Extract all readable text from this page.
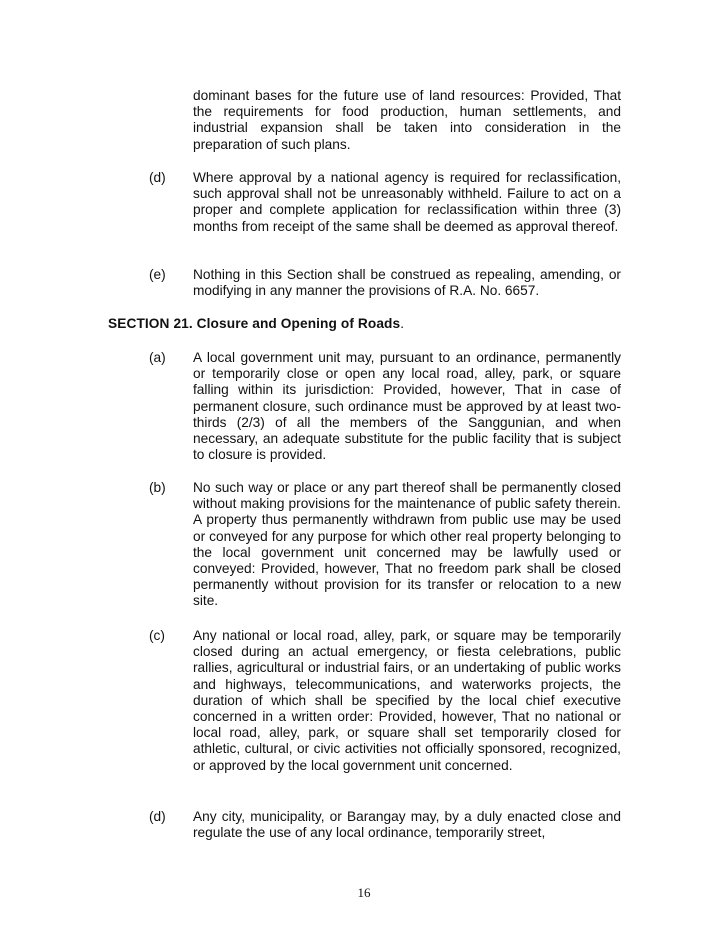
dominant bases for the future use of land resources: Provided, That the requirements for food production, human settlements, and industrial expansion shall be taken into consideration in the preparation of such plans.

(d) Where approval by a national agency is required for reclassification, such approval shall not be unreasonably withheld. Failure to act on a proper and complete application for reclassification within three (3) months from receipt of the same shall be deemed as approval thereof.

(e) Nothing in this Section shall be construed as repealing, amending, or modifying in any manner the provisions of R.A. No. 6657.

SECTION 21. Closure and Opening of Roads.
(a) A local government unit may, pursuant to an ordinance, permanently or temporarily close or open any local road, alley, park, or square falling within its jurisdiction: Provided, however, That in case of permanent closure, such ordinance must be approved by at least two-thirds (2/3) of all the members of the Sanggunian, and when necessary, an adequate substitute for the public facility that is subject to closure is provided.

(b) No such way or place or any part thereof shall be permanently closed without making provisions for the maintenance of public safety therein. A property thus permanently withdrawn from public use may be used or conveyed for any purpose for which other real property belonging to the local government unit concerned may be lawfully used or conveyed: Provided, however, That no freedom park shall be closed permanently without provision for its transfer or relocation to a new site.

(c) Any national or local road, alley, park, or square may be temporarily closed during an actual emergency, or fiesta celebrations, public rallies, agricultural or industrial fairs, or an undertaking of public works and highways, telecommunications, and waterworks projects, the duration of which shall be specified by the local chief executive concerned in a written order: Provided, however, That no national or local road, alley, park, or square shall set temporarily closed for athletic, cultural, or civic activities not officially sponsored, recognized, or approved by the local government unit concerned.

(d) Any city, municipality, or Barangay may, by a duly enacted close and regulate the use of any local ordinance, temporarily street,

16
